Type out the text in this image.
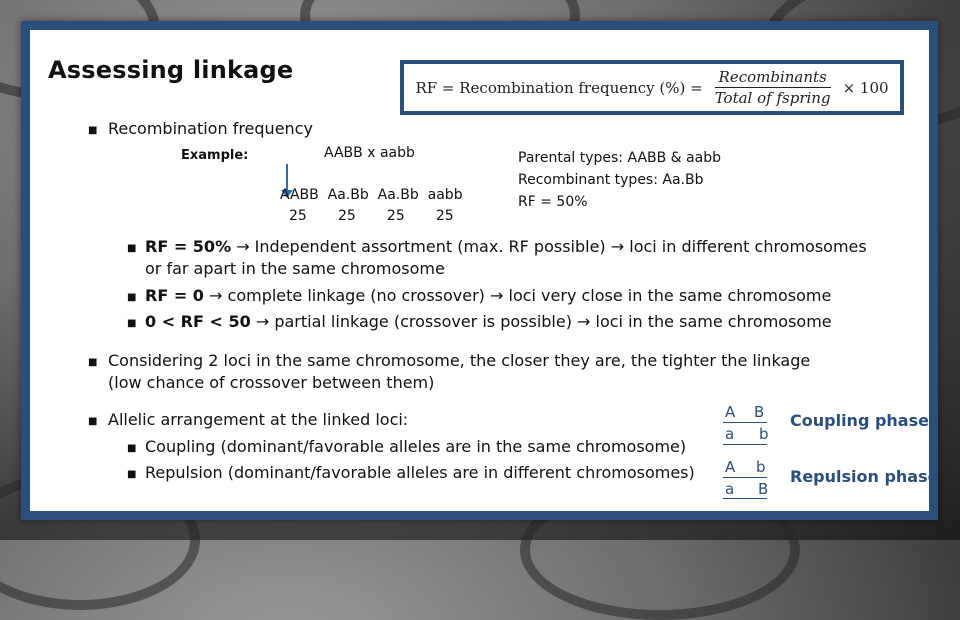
Assessing linkage
RF = Recombination frequency (%) = $\frac{\text{Recombinants}}{\text{Total of fspring}} \times 100$
■ Recombination frequency
Example:	AABB x aabb
AABB  Aa.Bb  Aa.Bb  aabb
25       25       25       25
Parental types: AABB & aabb
Recombinant types: Aa.Bb
RF = 50%
■ RF = 50% → Independent assortment (max. RF possible) → loci in different chromosomes
or far apart in the same chromosome
■ RF = 0 → complete linkage (no crossover) → loci very close in the same chromosome
■ 0 < RF < 50 → partial linkage (crossover is possible) → loci in the same chromosome
■ Considering 2 loci in the same chromosome, the closer they are, the tighter the linkage
(low chance of crossover between them)
■ Allelic arrangement at the linked loci:
■ Coupling (dominant/favorable alleles are in the same chromosome)
■ Repulsion (dominant/favorable alleles are in different chromosomes)
A B
a b
Coupling phase
A b
a B
Repulsion phase
